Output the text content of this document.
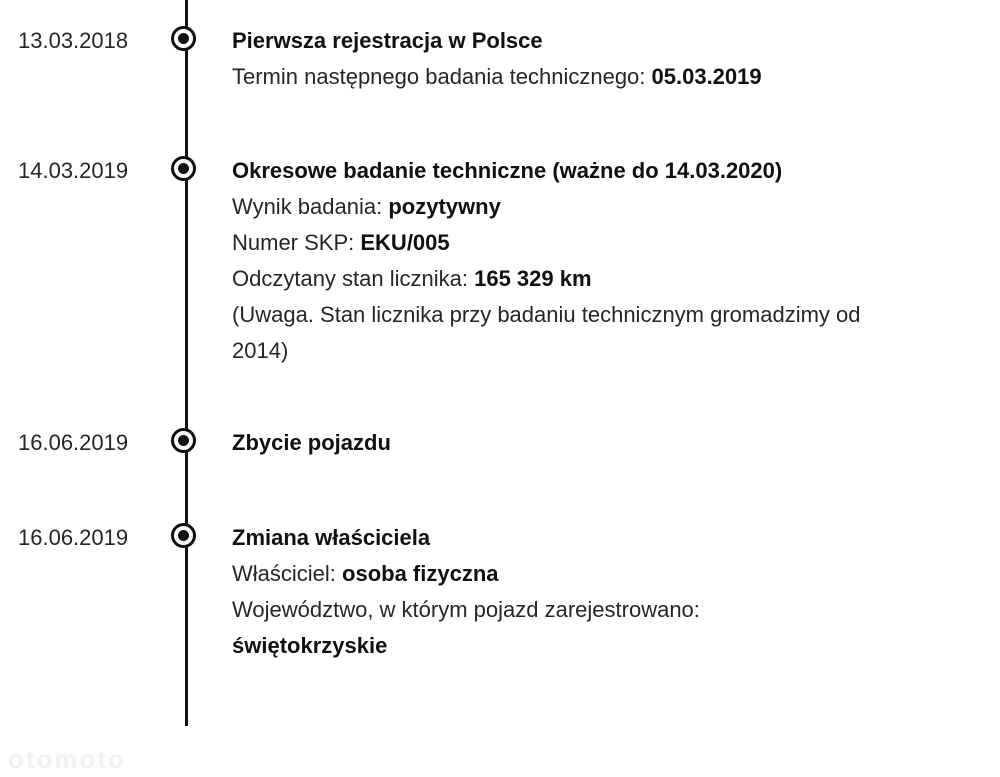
13.03.2018	Pierwsza rejestracja w Polsce
Termin następnego badania technicznego: 05.03.2019
14.03.2019	Okresowe badanie techniczne (ważne do 14.03.2020)
Wynik badania: pozytywny
Numer SKP: EKU/005
Odczytany stan licznika: 165 329 km
(Uwaga. Stan licznika przy badaniu technicznym gromadzimy od
2014)
16.06.2019	Zbycie pojazdu
16.06.2019	Zmiana właściciela
Właściciel: osoba fizyczna
Województwo, w którym pojazd zarejestrowano:
świętokrzyskie
otomoto
